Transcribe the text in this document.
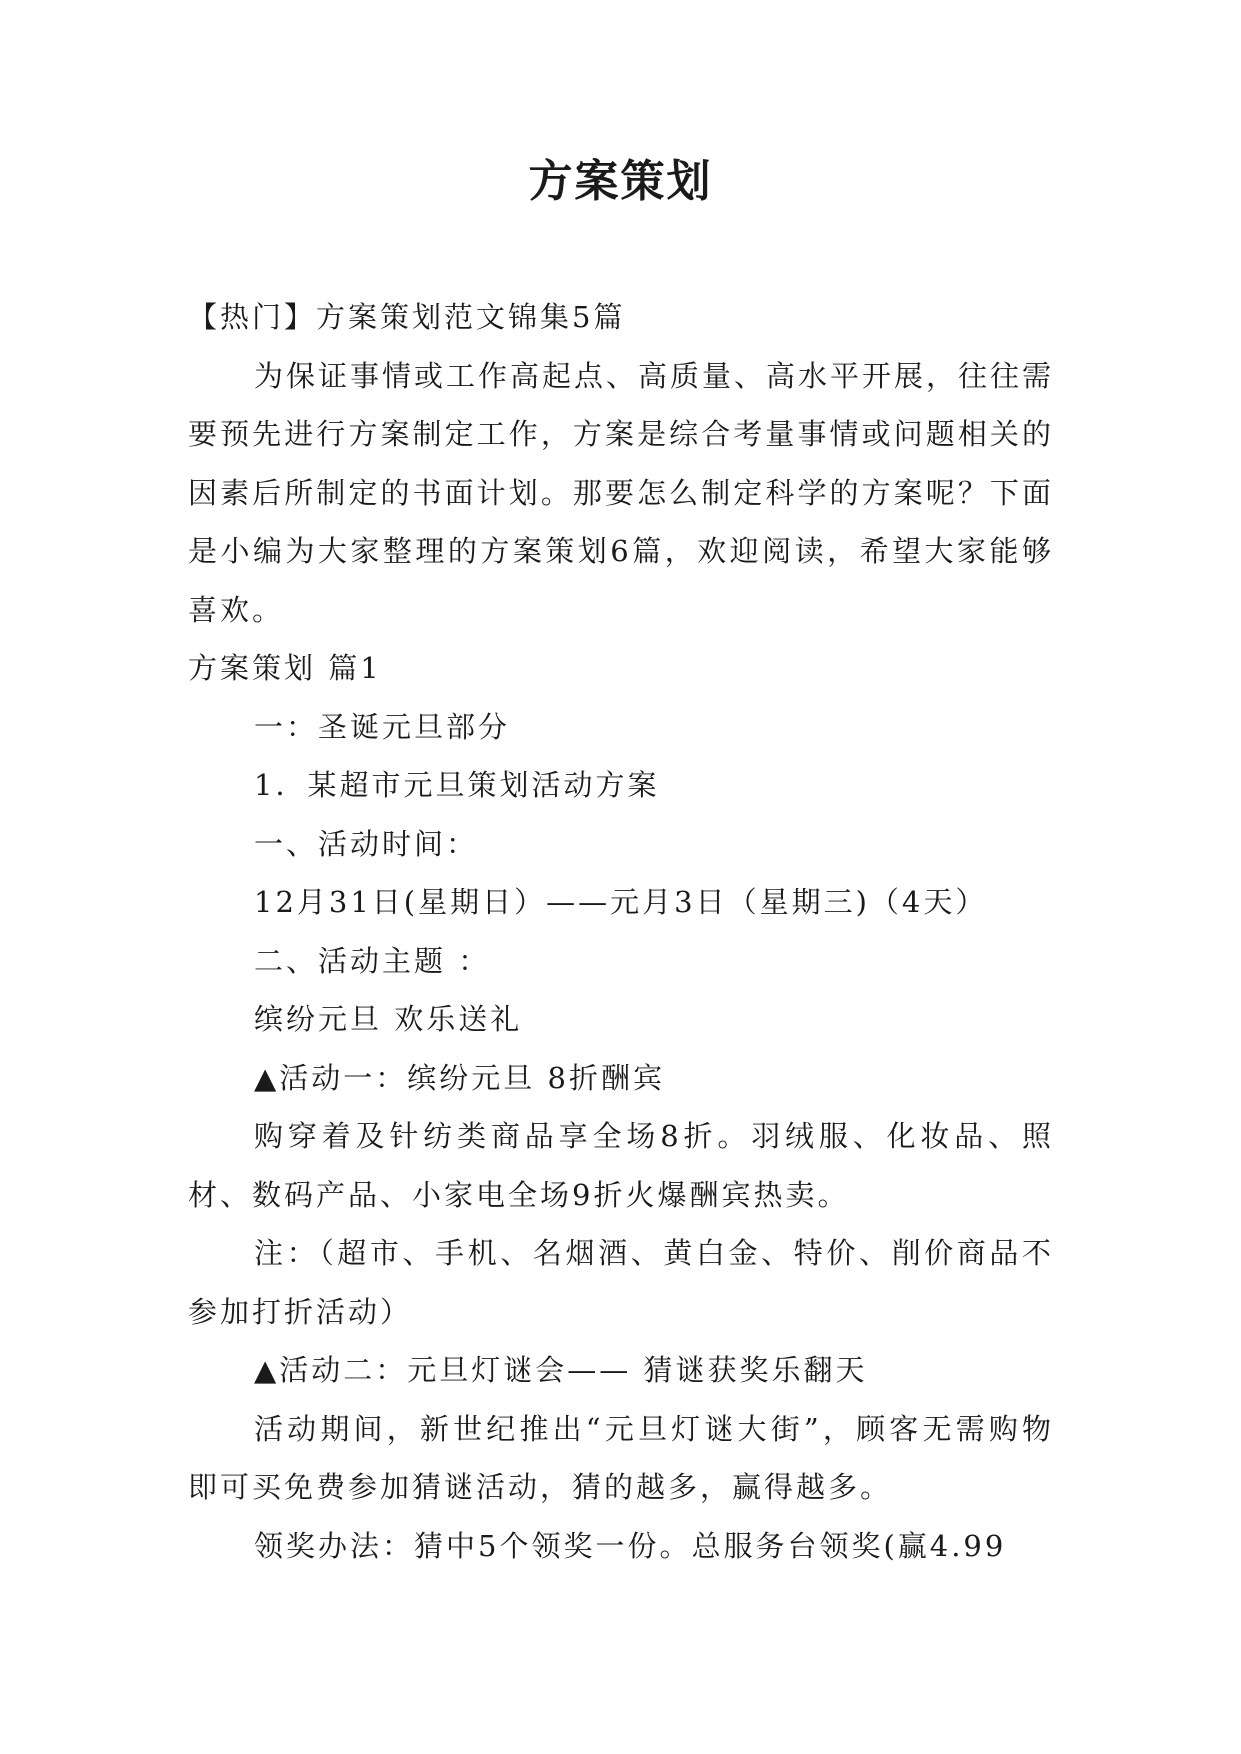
方案策划

【热门】方案策划范文锦集5篇

为保证事情或工作高起点、高质量、高水平开展，往往需要预先进行方案制定工作，方案是综合考量事情或问题相关的因素后所制定的书面计划。那要怎么制定科学的方案呢？下面是小编为大家整理的方案策划6篇，欢迎阅读，希望大家能够喜欢。

方案策划 篇1

一：圣诞元旦部分

1．某超市元旦策划活动方案

一、活动时间：

12月31日(星期日）——元月3日（星期三)（4天）

二、活动主题 ：

缤纷元旦 欢乐送礼

▲活动一：缤纷元旦 8折酬宾

购穿着及针纺类商品享全场8折。羽绒服、化妆品、照材、数码产品、小家电全场9折火爆酬宾热卖。

注：（超市、手机、名烟酒、黄白金、特价、削价商品不参加打折活动）

▲活动二：元旦灯谜会—— 猜谜获奖乐翻天

活动期间，新世纪推出“元旦灯谜大街”，顾客无需购物即可买免费参加猜谜活动，猜的越多，赢得越多。

领奖办法：猜中5个领奖一份。总服务台领奖(赢4.99
